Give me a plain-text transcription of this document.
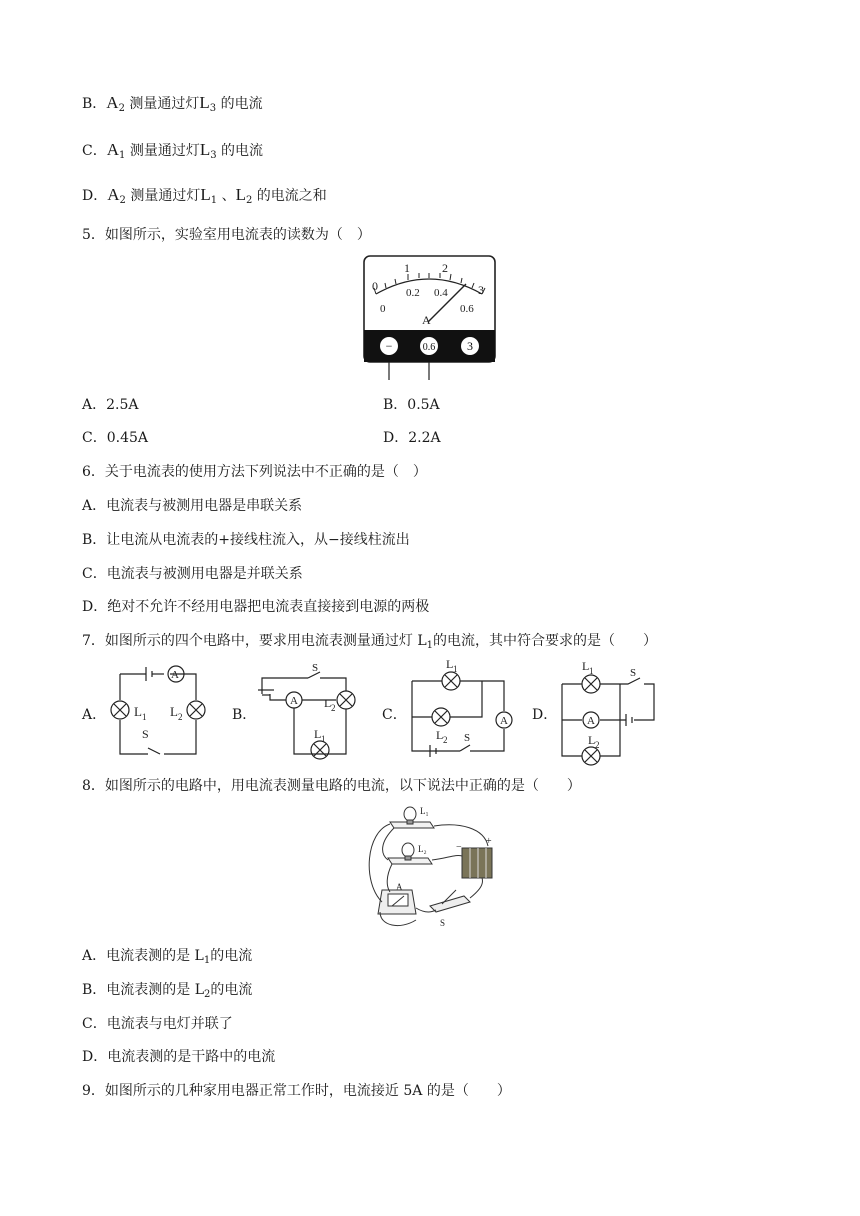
B．$A_2$ 测量通过灯$L_3$ 的电流
C．$A_1$ 测量通过灯$L_3$ 的电流
D．$A_2$ 测量通过灯$L_1$ 、$L_2$ 的电流之和
5．如图所示，实验室用电流表的读数为（　）
0
1	2
3
0
0.2 0.4
0.6
A
−	0.6	3
A．2.5A	B．0.5A
C．0.45A	D．2.2A
6．关于电流表的使用方法下列说法中不正确的是（　）
A．电流表与被测用电器是串联关系
B．让电流从电流表的+接线柱流入，从−接线柱流出
C．电流表与被测用电器是并联关系
D．绝对不允许不经用电器把电流表直接接到电源的两极
7．如图所示的四个电路中，要求用电流表测量通过灯 $L_1$的电流，其中符合要求的是（　　）
A．
A
L 1 L 2
S
B．
A
S
L 2
L 1
C．
L 1
L 2
A
S
D．
L 1	S
A
L 2
8．如图所示的电路中，用电流表测量电路的电流，以下说法中正确的是（　　）
L₁
L₂
+
−
A
S
A．电流表测的是 $L_1$的电流
B．电流表测的是 $L_2$的电流
C．电流表与电灯并联了
D．电流表测的是干路中的电流
9．如图所示的几种家用电器正常工作时，电流接近 5A 的是（　　）
